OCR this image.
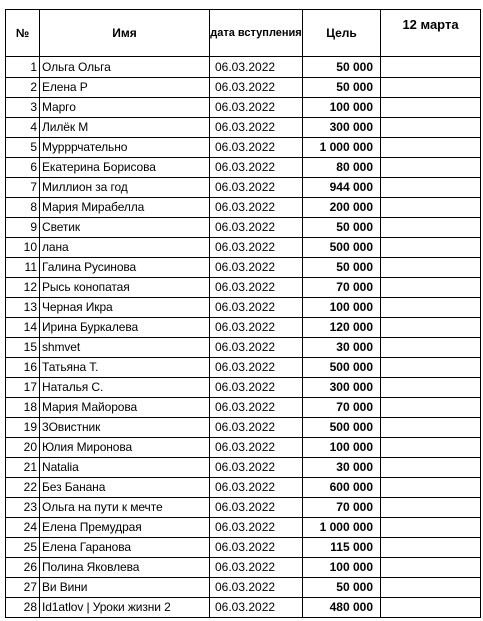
№	Имя	дата вступления	Цель	12 марта
1	Ольга Ольга	06.03.2022	50 000	
2	Елена Р	06.03.2022	50 000	
3	Марго	06.03.2022	100 000	
4	Лилёк М	06.03.2022	300 000	
5	Мурррчательно	06.03.2022	1 000 000	
6	Екатерина Борисова	06.03.2022	80 000	
7	Миллион за год	06.03.2022	944 000	
8	Мария Мирабелла	06.03.2022	200 000	
9	Светик	06.03.2022	50 000	
10	лана	06.03.2022	500 000	
11	Галина Русинова	06.03.2022	50 000	
12	Рысь конопатая	06.03.2022	70 000	
13	Черная Икра	06.03.2022	100 000	
14	Ирина Буркалева	06.03.2022	120 000	
15	shmvet	06.03.2022	30 000	
16	Татьяна Т.	06.03.2022	500 000	
17	Наталья С.	06.03.2022	300 000	
18	Мария Майорова	06.03.2022	70 000	
19	3Овистник	06.03.2022	500 000	
20	Юлия Миронова	06.03.2022	100 000	
21	Natalia	06.03.2022	30 000	
22	Без Банана	06.03.2022	600 000	
23	Ольга на пути к мечте	06.03.2022	70 000	
24	Елена Премудрая	06.03.2022	1 000 000	
25	Елена Гаранова	06.03.2022	115 000	
26	Полина Яковлева	06.03.2022	100 000	
27	Ви Вини	06.03.2022	50 000	
28	Id1atlov | Уроки жизни 2	06.03.2022	480 000	
